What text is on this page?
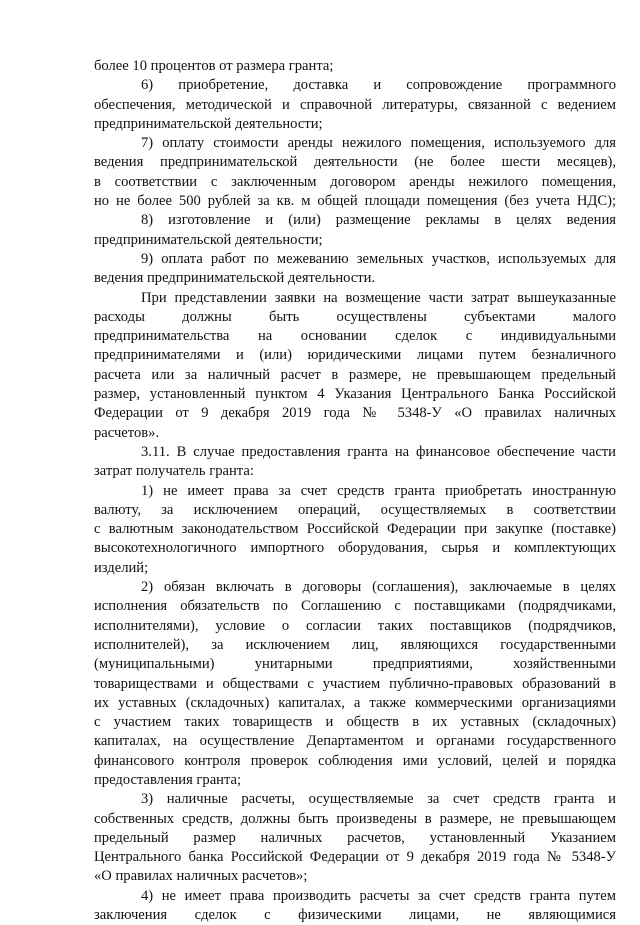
более 10 процентов от размера гранта;
6) приобретение, доставка и сопровождение программного
обеспечения, методической и справочной литературы, связанной с ведением
предпринимательской деятельности;
7) оплату стоимости аренды нежилого помещения, используемого для
ведения предпринимательской деятельности (не более шести месяцев),
в соответствии с заключенным договором аренды нежилого помещения,
но не более 500 рублей за кв. м общей площади помещения (без учета НДС);
8) изготовление и (или) размещение рекламы в целях ведения
предпринимательской деятельности;
9) оплата работ по межеванию земельных участков, используемых для
ведения предпринимательской деятельности.
При представлении заявки на возмещение части затрат вышеуказанные
расходы должны быть осуществлены субъектами малого
предпринимательства на основании сделок с индивидуальными
предпринимателями и (или) юридическими лицами путем безналичного
расчета или за наличный расчет в размере, не превышающем предельный
размер, установленный пунктом 4 Указания Центрального Банка Российской
Федерации от 9 декабря 2019 года № 5348-У «О правилах наличных
расчетов».
3.11. В случае предоставления гранта на финансовое обеспечение части
затрат получатель гранта:
1) не имеет права за счет средств гранта приобретать иностранную
валюту, за исключением операций, осуществляемых в соответствии
с валютным законодательством Российской Федерации при закупке (поставке)
высокотехнологичного импортного оборудования, сырья и комплектующих
изделий;
2) обязан включать в договоры (соглашения), заключаемые в целях
исполнения обязательств по Соглашению с поставщиками (подрядчиками,
исполнителями), условие о согласии таких поставщиков (подрядчиков,
исполнителей), за исключением лиц, являющихся государственными
(муниципальными) унитарными предприятиями, хозяйственными
товариществами и обществами с участием публично-правовых образований в
их уставных (складочных) капиталах, а также коммерческими организациями
с участием таких товариществ и обществ в их уставных (складочных)
капиталах, на осуществление Департаментом и органами государственного
финансового контроля проверок соблюдения ими условий, целей и порядка
предоставления гранта;
3) наличные расчеты, осуществляемые за счет средств гранта и
собственных средств, должны быть произведены в размере, не превышающем
предельный размер наличных расчетов, установленный Указанием
Центрального банка Российской Федерации от 9 декабря 2019 года № 5348-У
«О правилах наличных расчетов»;
4) не имеет права производить расчеты за счет средств гранта путем
заключения сделок с физическими лицами, не являющимися
